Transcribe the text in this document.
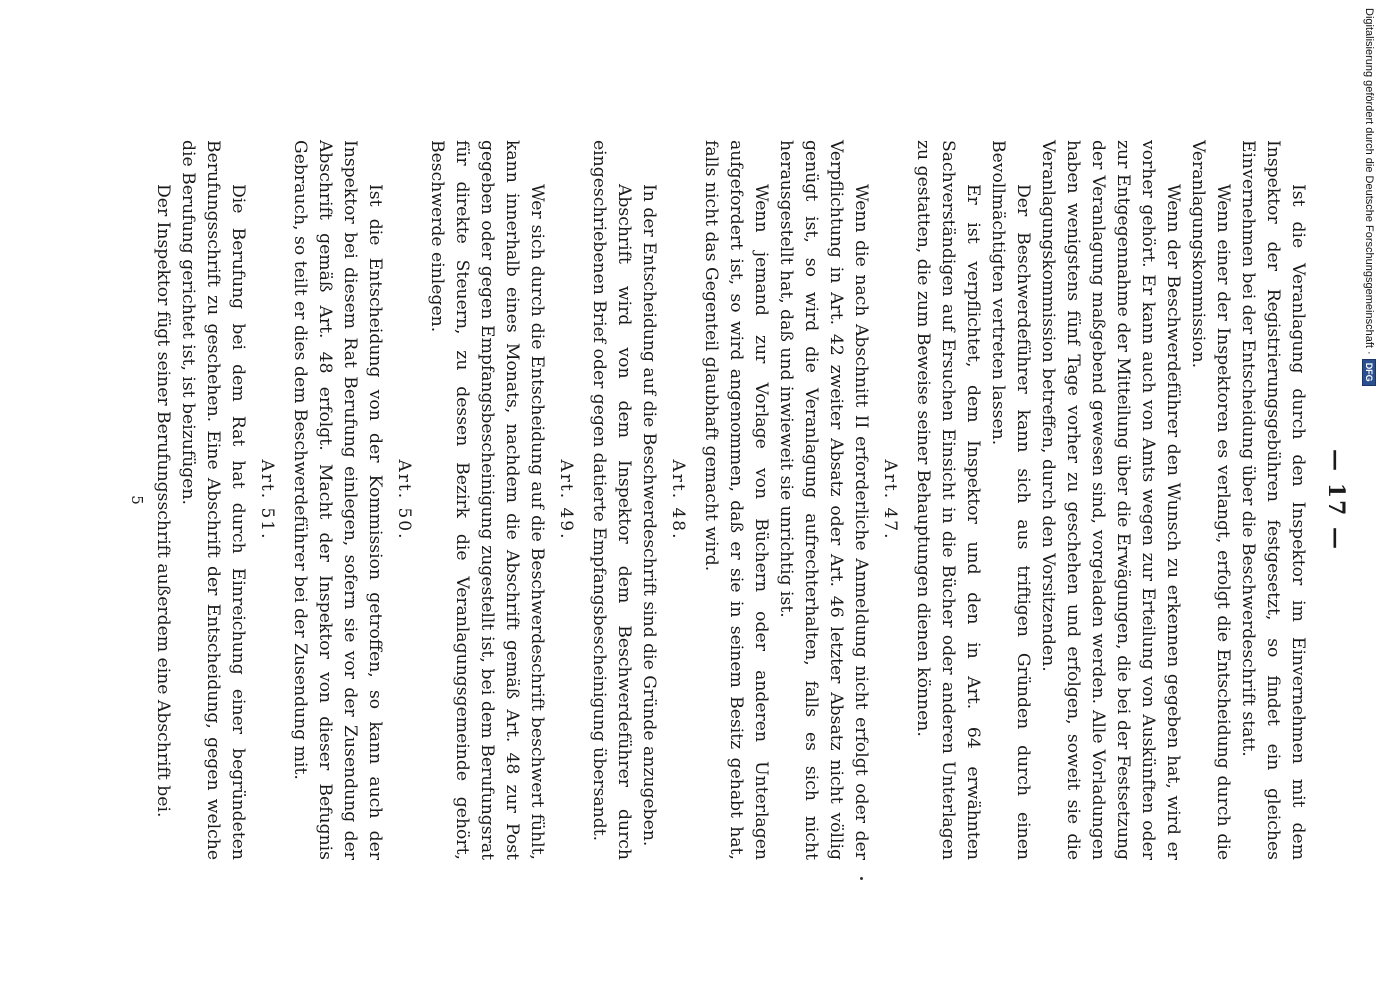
— 17 —

Ist die Veranlagung durch den Inspektor im Einvernehmen mit dem Inspektor der Registrierungsgebühren festgesetzt, so findet ein gleiches Einvernehmen bei der Entscheidung über die Beschwerdeschrift statt.

Wenn einer der Inspektoren es verlangt, erfolgt die Entscheidung durch die Veranlagungskommission.

Wenn der Beschwerdeführer den Wunsch zu erkennen gegeben hat, wird er vorher gehört. Er kann auch von Amts wegen zur Erteilung von Auskünften oder zur Entgegennahme der Mitteilung über die Erwägungen, die bei der Festsetzung der Veranlagung maßgebend gewesen sind, vorgeladen werden. Alle Vorladungen haben wenigstens fünf Tage vorher zu geschehen und erfolgen, soweit sie die Veranlagungskommission betreffen, durch den Vorsitzenden.

Der Beschwerdeführer kann sich aus triftigen Gründen durch einen Bevollmächtigten vertreten lassen.

Er ist verpflichtet, dem Inspektor und den in Art. 64 erwähnten Sachverständigen auf Ersuchen Einsicht in die Bücher oder anderen Unterlagen zu gestatten, die zum Beweise seiner Behauptungen dienen können.

Art. 47.

Wenn die nach Abschnitt II erforderliche Anmeldung nicht erfolgt oder der Verpflichtung in Art. 42 zweiter Absatz oder Art. 46 letzter Absatz nicht völlig genügt ist, so wird die Veranlagung aufrechterhalten, falls es sich nicht herausgestellt hat, daß und inwieweit sie unrichtig ist.

Wenn jemand zur Vorlage von Büchern oder anderen Unterlagen aufgefordert ist, so wird angenommen, daß er sie in seinem Besitz gehabt hat, falls nicht das Gegenteil glaubhaft gemacht wird.

Art. 48.

In der Entscheidung auf die Beschwerdeschrift sind die Gründe anzugeben.

Abschrift wird von dem Inspektor dem Beschwerdeführer durch eingeschriebenen Brief oder gegen datierte Empfangsbescheinigung übersandt.

Art. 49.

Wer sich durch die Entscheidung auf die Beschwerdeschrift beschwert fühlt, kann innerhalb eines Monats, nachdem die Abschrift gemäß Art. 48 zur Post gegeben oder gegen Empfangsbescheinigung zugestellt ist, bei dem Berufungsrat für direkte Steuern, zu dessen Bezirk die Veranlagungsgemeinde gehört, Beschwerde einlegen.

Art. 50.

Ist die Entscheidung von der Kommission getroffen, so kann auch der Inspektor bei diesem Rat Berufung einlegen, sofern sie vor der Zusendung der Abschrift gemäß Art. 48 erfolgt. Macht der Inspektor von dieser Befugnis Gebrauch, so teilt er dies dem Beschwerdeführer bei der Zusendung mit.

Art. 51.

Die Berufung bei dem Rat hat durch Einreichung einer begründeten Berufungsschrift zu geschehen. Eine Abschrift der Entscheidung, gegen welche die Berufung gerichtet ist, ist beizufügen.

Der Inspektor fügt seiner Berufungsschrift außerdem eine Abschrift bei.

5
Digitalisierung gefördert durch die Deutsche Forschungsgemeinschaft ·
DFG
